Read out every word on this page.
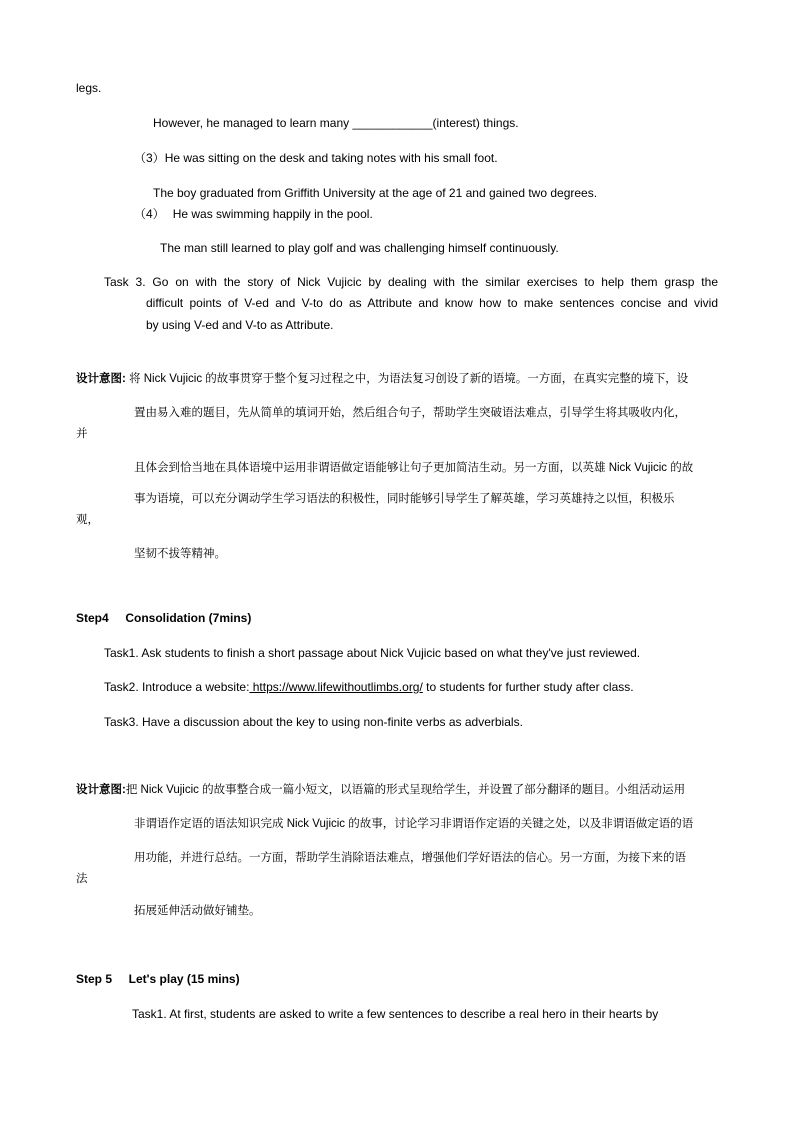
legs.
However, he managed to learn many ____________(interest) things.
（3）He was sitting on the desk and taking notes with his small foot.
The boy graduated from Griffith University at the age of 21 and gained two degrees.
（4） He was swimming happily in the pool.
The man still learned to play golf and was challenging himself continuously.
Task 3. Go on with the story of Nick Vujicic by dealing with the similar exercises to help them grasp the
difficult points of V-ed and V-to do as Attribute and know how to make sentences concise and vivid
by using V-ed and V-to as Attribute.
设计意图: 将 Nick Vujicic 的故事贯穿于整个复习过程之中，为语法复习创设了新的语境。一方面，在真实完整的境下，设
置由易入难的题目，先从简单的填词开始，然后组合句子，帮助学生突破语法难点，引导学生将其吸收内化，
并
且体会到恰当地在具体语境中运用非谓语做定语能够让句子更加简洁生动。另一方面，以英雄 Nick Vujicic 的故
事为语境，可以充分调动学生学习语法的积极性，同时能够引导学生了解英雄，学习英雄持之以恒，积极乐
观，
坚韧不拔等精神。
Step4     Consolidation (7mins)
Task1. Ask students to finish a short passage about Nick Vujicic based on what they've just reviewed.
Task2. Introduce a website: https://www.lifewithoutlimbs.org/ to students for further study after class.
Task3. Have a discussion about the key to using non-finite verbs as adverbials.
设计意图:把 Nick Vujicic 的故事整合成一篇小短文，以语篇的形式呈现给学生，并设置了部分翻译的题目。小组活动运用
非谓语作定语的语法知识完成 Nick Vujicic 的故事，讨论学习非谓语作定语的关键之处，以及非谓语做定语的语
用功能，并进行总结。一方面，帮助学生消除语法难点，增强他们学好语法的信心。另一方面，为接下来的语
法
拓展延伸活动做好铺垫。
Step 5     Let's play (15 mins)
Task1. At first, students are asked to write a few sentences to describe a real hero in their hearts by
